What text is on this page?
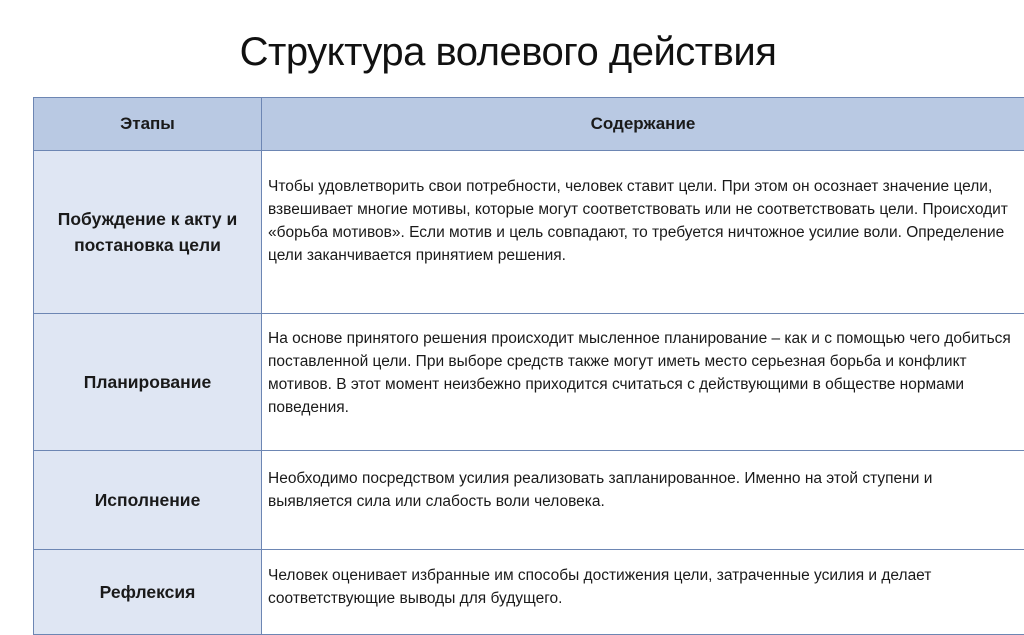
Структура волевого действия
Этапы	Содержание
Побуждение к акту и постановка цели	Чтобы удовлетворить свои потребности, человек ставит цели. При этом он осознает значение цели, взвешивает многие мотивы, которые могут соответствовать или не соответствовать цели. Происходит «борьба мотивов». Если мотив и цель совпадают, то требуется ничтожное усилие воли. Определение цели заканчивается принятием решения.
Планирование	На основе принятого решения происходит мысленное планирование – как и с помощью чего добиться поставленной цели. При выборе средств также могут иметь место серьезная борьба и конфликт мотивов. В этот момент неизбежно приходится считаться с действующими в обществе нормами поведения.
Исполнение	Необходимо посредством усилия реализовать запланированное. Именно на этой ступени и выявляется сила или слабость воли человека.
Рефлексия	Человек оценивает избранные им способы достижения цели, затраченные усилия и делает соответствующие выводы для будущего.
